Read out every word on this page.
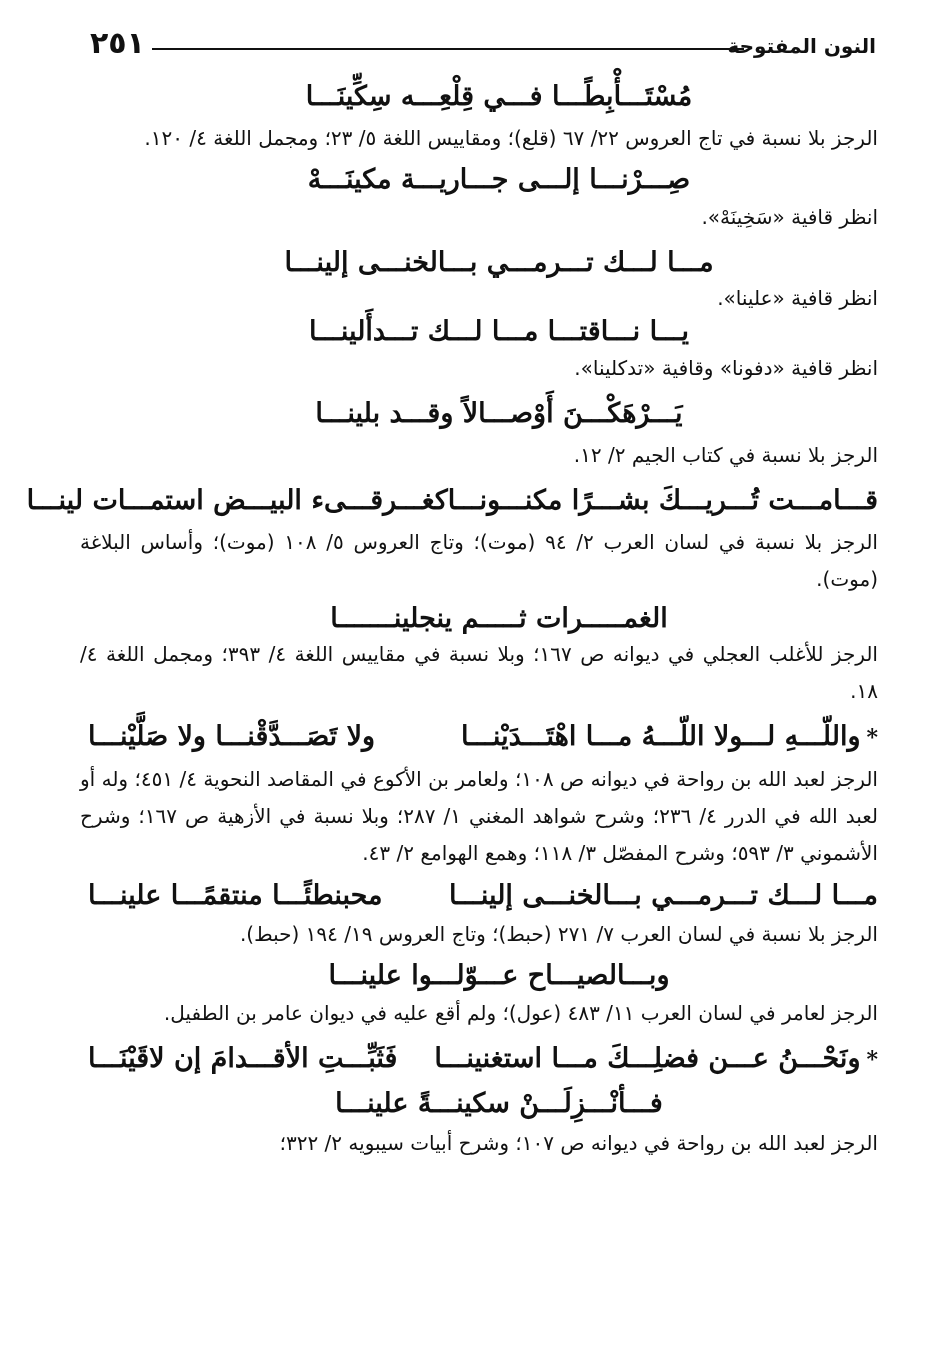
٢٥١	النون المفتوحة
مُسْتَـــأْبِطًـــا فـــي قِلْعِـــه سِكِّينَـــا
الرجز بلا نسبة في تاج العروس ٢٢/ ٦٧ (قلع)؛ ومقاييس اللغة ٥/ ٢٣؛ ومجمل اللغة ٤/ ١٢٠.
صِـــرْنـــا إلـــى جـــاريـــة مكينَـــهْ
انظر قافية «سَخِينَهْ».
مـــا لـــك تـــرمـــي بـــالخنـــى إلينـــا
انظر قافية «علينا».
يـــا نـــاقتـــا مـــا لـــك تـــدأَلينـــا
انظر قافية «دفونا» وقافية «تدكلينا».
يَـــرْهَكْـــنَ أَوْصـــالاً وقـــد بلينـــا
الرجز بلا نسبة في كتاب الجيم ٢/ ١٢.
قـــامـــت تُـــريـــكَ بشـــرًا مكنـــونـــا
كغـــرقـــىء البيـــض استمـــات لينـــا
الرجز بلا نسبة في لسان العرب ٢/ ٩٤ (موت)؛ وتاج العروس ٥/ ١٠٨ (موت)؛ وأساس البلاغة (موت).
الغمـــــرات ثـــــم ينجلينـــــــا
الرجز للأغلب العجلي في ديوانه ص ١٦٧؛ وبلا نسبة في مقاييس اللغة ٤/ ٣٩٣؛ ومجمل اللغة ٤/ ١٨.
*واللّـــهِ لـــولا اللّـــهُ مـــا اهْتَـــدَيْنـــا
ولا تَصَـــدَّقْنـــا ولا صَلَّيْنـــا
الرجز لعبد الله بن رواحة في ديوانه ص ١٠٨؛ ولعامر بن الأكوع في المقاصد النحوية ٤/ ٤٥١؛ وله أو لعبد الله في الدرر ٤/ ٢٣٦؛ وشرح شواهد المغني ١/ ٢٨٧؛ وبلا نسبة في الأزهية ص ١٦٧؛ وشرح الأشموني ٣/ ٥٩٣؛ وشرح المفصّل ٣/ ١١٨؛ وهمع الهوامع ٢/ ٤٣.
مـــا لـــك تـــرمـــي بـــالخنـــى إلينـــا
محبنطئًـــا منتقمًـــا علينـــا
الرجز بلا نسبة في لسان العرب ٧/ ٢٧١ (حبط)؛ وتاج العروس ١٩/ ١٩٤ (حبط).
وبـــالصيـــاح عـــوّلـــوا علينـــا
الرجز لعامر في لسان العرب ١١/ ٤٨٣ (عول)؛ ولم أقع عليه في ديوان عامر بن الطفيل.
*ونَحْـــنُ عـــن فضلِـــكَ مـــا استغنينـــا
فَثَبِّـــتِ الأقـــدامَ إن لاقَيْنَـــا
فـــأنْـــزِلَـــنْ سكينـــةً علينـــا
الرجز لعبد الله بن رواحة في ديوانه ص ١٠٧؛ وشرح أبيات سيبويه ٢/ ٣٢٢؛
